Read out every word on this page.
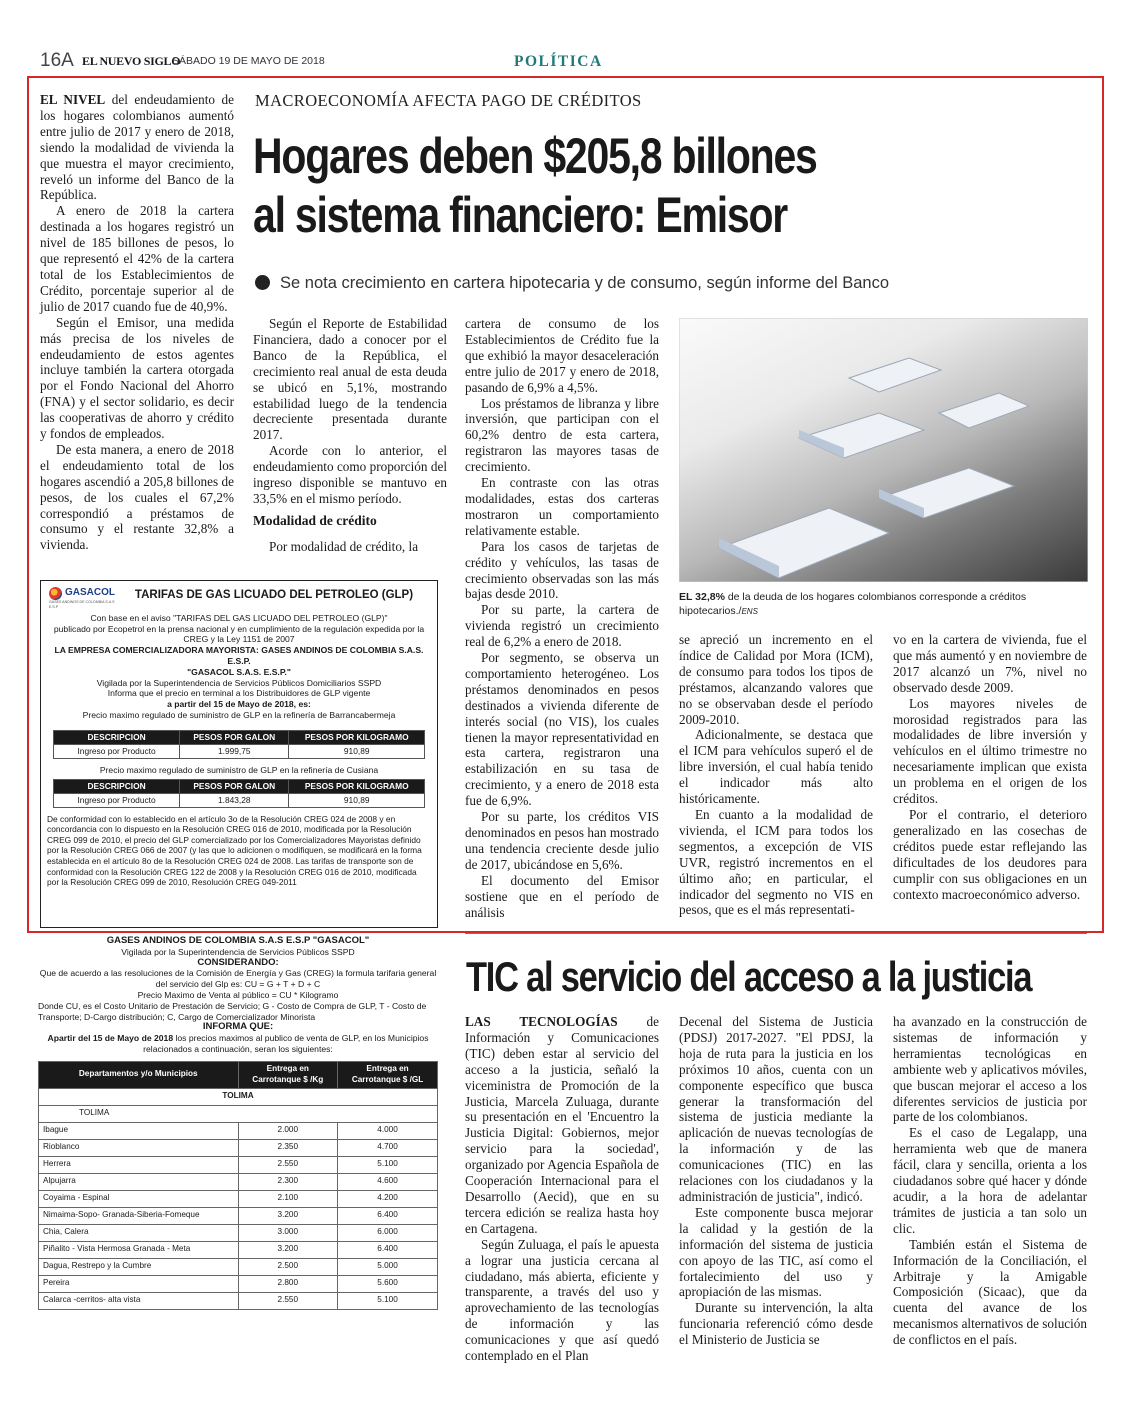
16A EL NUEVO SIGLO
SÁBADO 19 DE MAYO DE 2018	POLÍTICA
MACROECONOMÍA AFECTA PAGO DE CRÉDITOS
Hogares deben $205,8 billones
al sistema financiero: Emisor
Se nota crecimiento en cartera hipotecaria y de consumo, según informe del Banco

EL NIVEL del endeudamiento de los hogares colombianos aumentó entre julio de 2017 y enero de 2018, siendo la modalidad de vivienda la que muestra el mayor crecimiento, reveló un informe del Banco de la República.

A enero de 2018 la cartera destinada a los hogares registró un nivel de 185 billones de pesos, lo que representó el 42% de la cartera total de los Establecimientos de Crédito, porcentaje superior al de julio de 2017 cuando fue de 40,9%.

Según el Emisor, una medida más precisa de los niveles de endeudamiento de estos agentes incluye también la cartera otorgada por el Fondo Nacional del Ahorro (FNA) y el sector solidario, es decir las cooperativas de ahorro y crédito y fondos de empleados.

De esta manera, a enero de 2018 el endeudamiento total de los hogares ascendió a 205,8 billones de pesos, de los cuales el 67,2% correspondió a préstamos de consumo y el restante 32,8% a vivienda.

Según el Reporte de Estabilidad Financiera, dado a conocer por el Banco de la República, el crecimiento real anual de esta deuda se ubicó en 5,1%, mostrando estabilidad luego de la tendencia decreciente presentada durante 2017.

Acorde con lo anterior, el endeudamiento como proporción del ingreso disponible se mantuvo en 33,5% en el mismo período.

Modalidad de crédito

Por modalidad de crédito, la

cartera de consumo de los Establecimientos de Crédito fue la que exhibió la mayor desaceleración entre julio de 2017 y enero de 2018, pasando de 6,9% a 4,5%.

Los préstamos de libranza y libre inversión, que participan con el 60,2% dentro de esta cartera, registraron las mayores tasas de crecimiento.

En contraste con las otras modalidades, estas dos carteras mostraron un comportamiento relativamente estable.

Para los casos de tarjetas de crédito y vehículos, las tasas de crecimiento observadas son las más bajas desde 2010.

Por su parte, la cartera de vivienda registró un crecimiento real de 6,2% a enero de 2018.

Por segmento, se observa un comportamiento heterogéneo. Los préstamos denominados en pesos destinados a vivienda diferente de interés social (no VIS), los cuales tienen la mayor representatividad en esta cartera, registraron una estabilización en su tasa de crecimiento, y a enero de 2018 esta fue de 6,9%.

Por su parte, los créditos VIS denominados en pesos han mostrado una tendencia creciente desde julio de 2017, ubicándose en 5,6%.

El documento del Emisor sostiene que en el período de análisis

EL 32,8% de la deuda de los hogares colombianos corresponde a créditos hipotecarios./ENS

se apreció un incremento en el índice de Calidad por Mora (ICM), de consumo para todos los tipos de préstamos, alcanzando valores que no se observaban desde el período 2009-2010.

Adicionalmente, se destaca que el ICM para vehículos superó el de libre inversión, el cual había tenido el indicador más alto históricamente.

En cuanto a la modalidad de vivienda, el ICM para todos los segmentos, a excepción de VIS UVR, registró incrementos en el último año; en particular, el indicador del segmento no VIS en pesos, que es el más representati-

vo en la cartera de vivienda, fue el que más aumentó y en noviembre de 2017 alcanzó un 7%, nivel no observado desde 2009.

Los mayores niveles de morosidad registrados para las modalidades de libre inversión y vehículos en el último trimestre no necesariamente implican que exista un problema en el origen de los créditos.

Por el contrario, el deterioro generalizado en las cosechas de créditos puede estar reflejando las dificultades de los deudores para cumplir con sus obligaciones en un contexto macroeconómico adverso.

GASACOL
GASES ANDINOS DE COLOMBIA S.A.S E.S.P
TARIFAS DE GAS LICUADO DEL PETROLEO (GLP)

Con base en el aviso "TARIFAS DEL GAS LICUADO DEL PETROLEO (GLP)"

publicado por Ecopetrol en la prensa nacional y en cumplimiento de la regulación expedida por la

CREG y la Ley 1151 de 2007

LA EMPRESA COMERCIALIZADORA MAYORISTA: GASES ANDINOS DE COLOMBIA S.A.S. E.S.P.

"GASACOL S.A.S. E.S.P."

Vigilada por la Superintendencia de Servicios Públicos Domiciliarios SSPD

Informa que el precio en terminal a los Distribuidores de GLP vigente

a partir del 15 de Mayo de 2018, es:

Precio maximo regulado de suministro de GLP en la refinería de Barrancabermeja

DESCRIPCION	PESOS POR GALON	PESOS POR KILOGRAMO
Ingreso por Producto	1.999,75	910,89

Precio maximo regulado de suministro de GLP en la refinería de Cusiana

DESCRIPCION	PESOS POR GALON	PESOS POR KILOGRAMO
Ingreso por Producto	1.843,28	910,89

De conformidad con lo establecido en el artículo 3o de la Resolución CREG 024 de 2008 y en concordancia con lo dispuesto en la Resolución CREG 016 de 2010, modificada por la Resolución CREG 099 de 2010, el precio del GLP comercializado por los Comercializadores Mayoristas definido por la Resolución CREG 066 de 2007 (y las que lo adicionen o modifiquen, se modificará en la forma establecida en el artículo 8o de la Resolución CREG 024 de 2008. Las tarifas de transporte son de conformidad con la Resolución CREG 122 de 2008 y la Resolución CREG 016 de 2010, modificada por la Resolución CREG 099 de 2010, Resolución CREG 049-2011

GASES ANDINOS DE COLOMBIA S.A.S E.S.P "GASACOL"

Vigilada por la Superintendencia de Servicios Públicos SSPD

CONSIDERANDO:

Que de acuerdo a las resoluciones de la Comisión de Energía y Gas (CREG) la formula tarifaria general del servicio del Glp es: CU = G + T + D + C

Precio Maximo de Venta al público = CU * Kilogramo

Donde CU, es el Costo Unitario de Prestación de Servicio; G - Costo de Compra de GLP, T - Costo de Transporte; D-Cargo distribución; C, Cargo de Comercializador Minorista

INFORMA QUE:

Apartir del 15 de Mayo de 2018 los precios maximos al publico de venta de GLP, en los Municipios relacionados a continuación, seran los siguientes:

Departamentos y/o Municipios	Entrega en Carrotanque $ /Kg	Entrega en Carrotanque $ /GL
TOLIMA		
TOLIMA		
Ibague	2.000	4.000
Rioblanco	2.350	4.700
Herrera	2.550	5.100
Alpujarra	2.300	4.600
Coyaima - Espinal	2.100	4.200
Nimaima-Sopo- Granada-Siberia-Fomeque	3.200	6.400
Chia, Calera	3.000	6.000
Piñalito - Vista Hermosa Granada - Meta	3.200	6.400
Dagua, Restrepo y la Cumbre	2.500	5.000
Pereira	2.800	5.600
Calarca -cerritos- alta vista	2.550	5.100
TIC al servicio del acceso a la justicia

LAS TECNOLOGÍAS de Información y Comunicaciones (TIC) deben estar al servicio del acceso a la justicia, señaló la viceministra de Promoción de la Justicia, Marcela Zuluaga, durante su presentación en el 'Encuentro la Justicia Digital: Gobiernos, mejor servicio para la sociedad', organizado por Agencia Española de Cooperación Internacional para el Desarrollo (Aecid), que en su tercera edición se realiza hasta hoy en Cartagena.

Según Zuluaga, el país le apuesta a lograr una justicia cercana al ciudadano, más abierta, eficiente y transparente, a través del uso y aprovechamiento de las tecnologías de información y las comunicaciones y que así quedó contemplado en el Plan

Decenal del Sistema de Justicia (PDSJ) 2017-2027. "El PDSJ, la hoja de ruta para la justicia en los próximos 10 años, cuenta con un componente específico que busca generar la transformación del sistema de justicia mediante la aplicación de nuevas tecnologías de la información y de las comunicaciones (TIC) en las relaciones con los ciudadanos y la administración de justicia", indicó.

Este componente busca mejorar la calidad y la gestión de la información del sistema de justicia con apoyo de las TIC, así como el fortalecimiento del uso y apropiación de las mismas.

Durante su intervención, la alta funcionaria referenció cómo desde el Ministerio de Justicia se

ha avanzado en la construcción de sistemas de información y herramientas tecnológicas en ambiente web y aplicativos móviles, que buscan mejorar el acceso a los diferentes servicios de justicia por parte de los colombianos.

Es el caso de Legalapp, una herramienta web que de manera fácil, clara y sencilla, orienta a los ciudadanos sobre qué hacer y dónde acudir, a la hora de adelantar trámites de justicia a tan solo un clic.

También están el Sistema de Información de la Conciliación, el Arbitraje y la Amigable Composición (Sicaac), que da cuenta del avance de los mecanismos alternativos de solución de conflictos en el país.
